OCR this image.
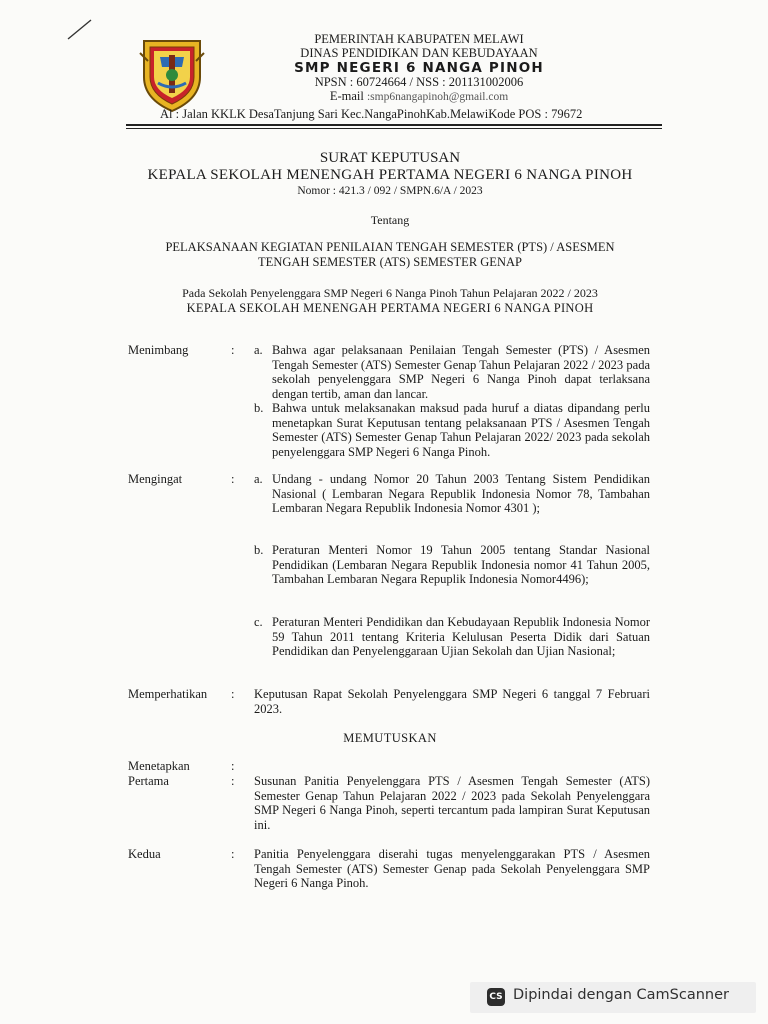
PEMERINTAH KABUPATEN MELAWI
DINAS PENDIDIKAN DAN KEBUDAYAAN
SMP NEGERI 6 NANGA PINOH
NPSN : 60724664 / NSS : 201131002006
E-mail :smp6nangapinoh@gmail.com
Al : Jalan KKLK DesaTanjung Sari Kec.NangaPinohKab.MelawiKode POS : 79672
SURAT KEPUTUSAN
KEPALA SEKOLAH MENENGAH PERTAMA NEGERI 6 NANGA PINOH
Nomor : 421.3 / 092 / SMPN.6/A / 2023
Tentang
PELAKSANAAN KEGIATAN PENILAIAN TENGAH SEMESTER (PTS) / ASESMEN
TENGAH SEMESTER (ATS) SEMESTER GENAP
Pada Sekolah Penyelenggara SMP Negeri 6 Nanga Pinoh Tahun Pelajaran 2022 / 2023
KEPALA SEKOLAH MENENGAH PERTAMA NEGERI 6 NANGA PINOH
Menimbang	: a. Bahwa agar pelaksanaan Penilaian Tengah Semester (PTS) / Asesmen Tengah Semester (ATS) Semester Genap Tahun Pelajaran 2022 / 2023 pada sekolah penyelenggara SMP Negeri 6 Nanga Pinoh dapat terlaksana dengan tertib, aman dan lancar.
b. Bahwa untuk melaksanakan maksud pada huruf a diatas dipandang perlu menetapkan Surat Keputusan tentang pelaksanaan PTS / Asesmen Tengah Semester (ATS) Semester Genap Tahun Pelajaran 2022/ 2023 pada sekolah penyelenggara SMP Negeri 6 Nanga Pinoh.
Mengingat	: a. Undang - undang Nomor 20 Tahun 2003 Tentang Sistem Pendidikan Nasional ( Lembaran Negara Republik Indonesia Nomor 78, Tambahan Lembaran Negara Republik Indonesia Nomor 4301 );
b. Peraturan Menteri Nomor 19 Tahun 2005 tentang Standar Nasional Pendidikan (Lembaran Negara Republik Indonesia nomor 41 Tahun 2005, Tambahan Lembaran Negara Repuplik Indonesia Nomor4496);
c. Peraturan Menteri Pendidikan dan Kebudayaan Republik Indonesia Nomor 59 Tahun 2011 tentang Kriteria Kelulusan Peserta Didik dari Satuan Pendidikan dan Penyelenggaraan Ujian Sekolah dan Ujian Nasional;
Memperhatikan : Keputusan Rapat Sekolah Penyelenggara SMP Negeri 6 tanggal 7 Februari 2023.
MEMUTUSKAN
Menetapkan	:
Pertama	: Susunan Panitia Penyelenggara PTS / Asesmen Tengah Semester (ATS) Semester Genap Tahun Pelajaran 2022 / 2023 pada Sekolah Penyelenggara SMP Negeri 6 Nanga Pinoh, seperti tercantum pada lampiran Surat Keputusan ini.
Kedua	: Panitia Penyelenggara diserahi tugas menyelenggarakan PTS / Asesmen Tengah Semester (ATS) Semester Genap pada Sekolah Penyelenggara SMP Negeri 6 Nanga Pinoh.
CS Dipindai dengan CamScanner
